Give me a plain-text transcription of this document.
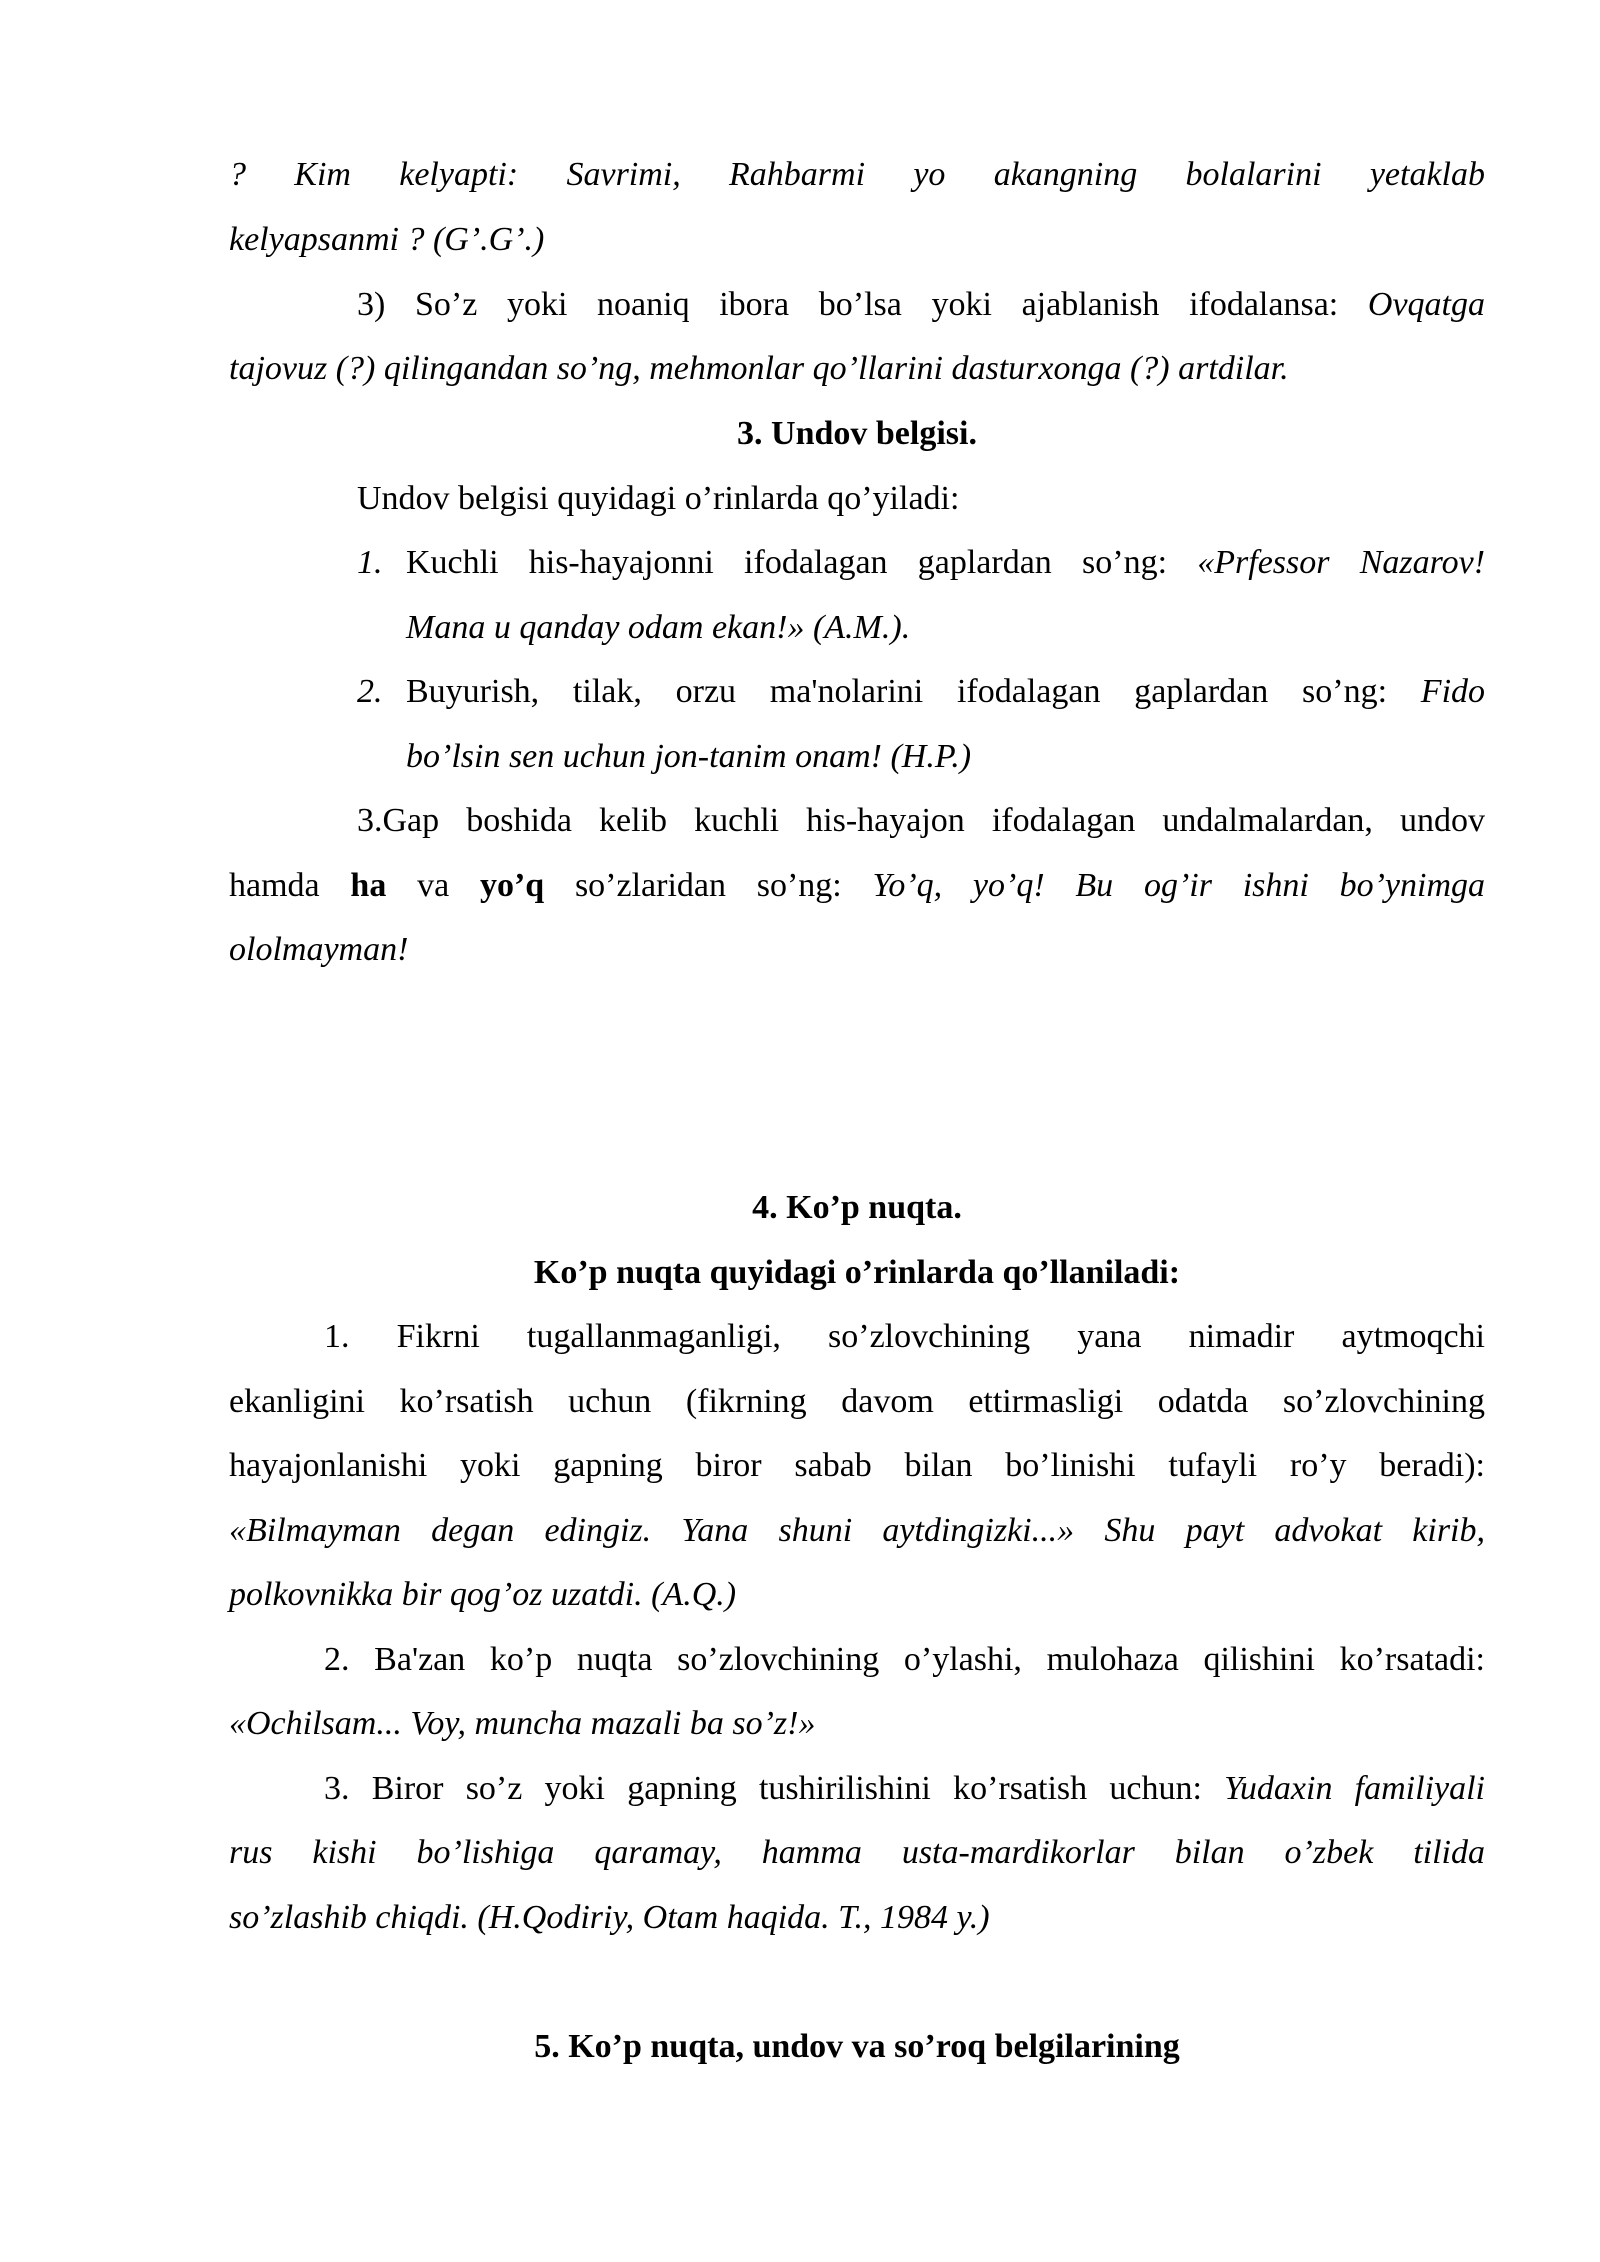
? Kim kelyapti: Savrimi, Rahbarmi yo akangning bolalarini yetaklab
kelyapsanmi ? (G’.G’.)
3) So’z yoki noaniq ibora bo’lsa yoki ajablanish ifodalansa: Ovqatga
tajovuz (?) qilingandan so’ng, mehmonlar qo’llarini dasturxonga (?) artdilar.
3. Undov belgisi.
Undov belgisi quyidagi o’rinlarda qo’yiladi:
1. Kuchli his-hayajonni ifodalagan gaplardan so’ng: «Prfessor Nazarov!
Mana u qanday odam ekan!» (A.M.).
2. Buyurish, tilak, orzu ma'nolarini ifodalagan gaplardan so’ng: Fido
bo’lsin sen uchun jon-tanim onam! (H.P.)
3.Gap boshida kelib kuchli his-hayajon ifodalagan undalmalardan, undov
hamda ha va yo’q so’zlaridan so’ng: Yo’q, yo’q! Bu og’ir ishni bo’ynimga
ololmayman!
4. Ko’p nuqta.
Ko’p nuqta quyidagi o’rinlarda qo’llaniladi:
1. Fikrni tugallanmaganligi, so’zlovchining yana nimadir aytmoqchi
ekanligini ko’rsatish uchun (fikrning davom ettirmasligi odatda so’zlovchining
hayajonlanishi yoki gapning biror sabab bilan bo’linishi tufayli ro’y beradi):
«Bilmayman degan edingiz. Yana shuni aytdingizki...» Shu payt advokat kirib,
polkovnikka bir qog’oz uzatdi. (A.Q.)
2. Ba'zan ko’p nuqta so’zlovchining o’ylashi, mulohaza qilishini ko’rsatadi:
«Ochilsam... Voy, muncha mazali ba so’z!»
3. Biror so’z yoki gapning tushirilishini ko’rsatish uchun: Yudaxin familiyali
rus kishi bo’lishiga qaramay, hamma usta-mardikorlar bilan o’zbek tilida
so’zlashib chiqdi. (H.Qodiriy, Otam haqida. T., 1984 y.)
5. Ko’p nuqta, undov va so’roq belgilarining
